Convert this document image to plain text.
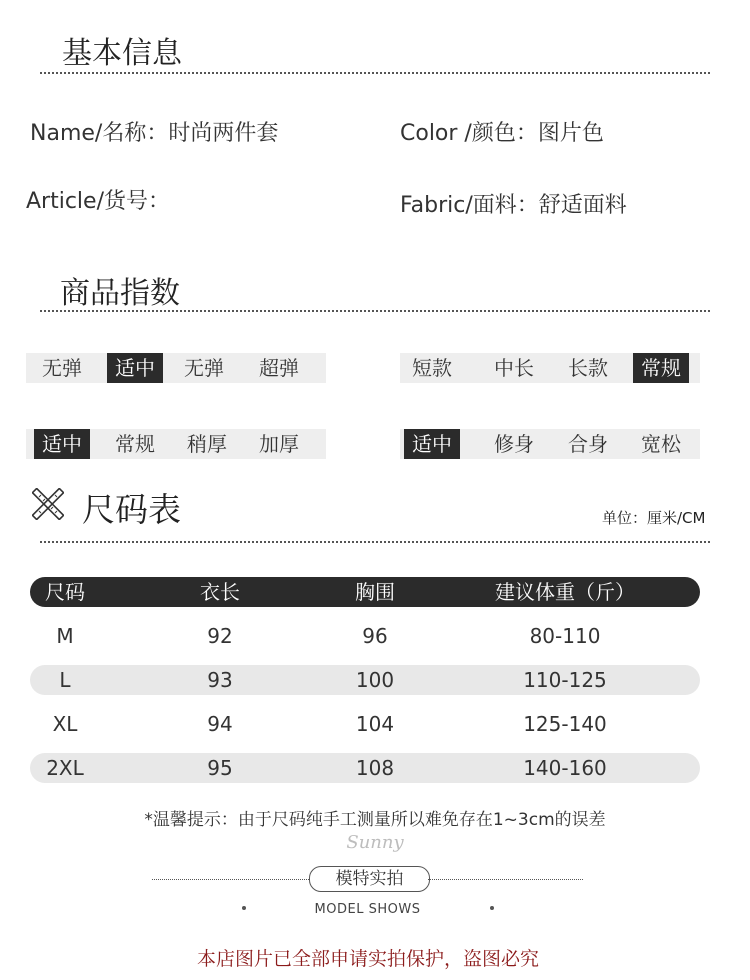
基本信息
Name/名称：时尚两件套	Color /颜色：图片色
Article/货号：	Fabric/面料：舒适面料
商品指数
无弹	适中	无弹	超弹	短款	中长	长款	常规
适中	常规	稍厚	加厚	适中	修身	合身	宽松
尺码表	单位：厘米/CM
尺码	衣长	胸围	建议体重（斤）
M	92	96	80-110
L	93	100	110-125
XL	94	104	125-140
2XL	95	108	140-160
*温馨提示：由于尺码纯手工测量所以难免存在1~3cm的误差
Sunny
模特实拍
MODEL SHOWS
本店图片已全部申请实拍保护，盗图必究
